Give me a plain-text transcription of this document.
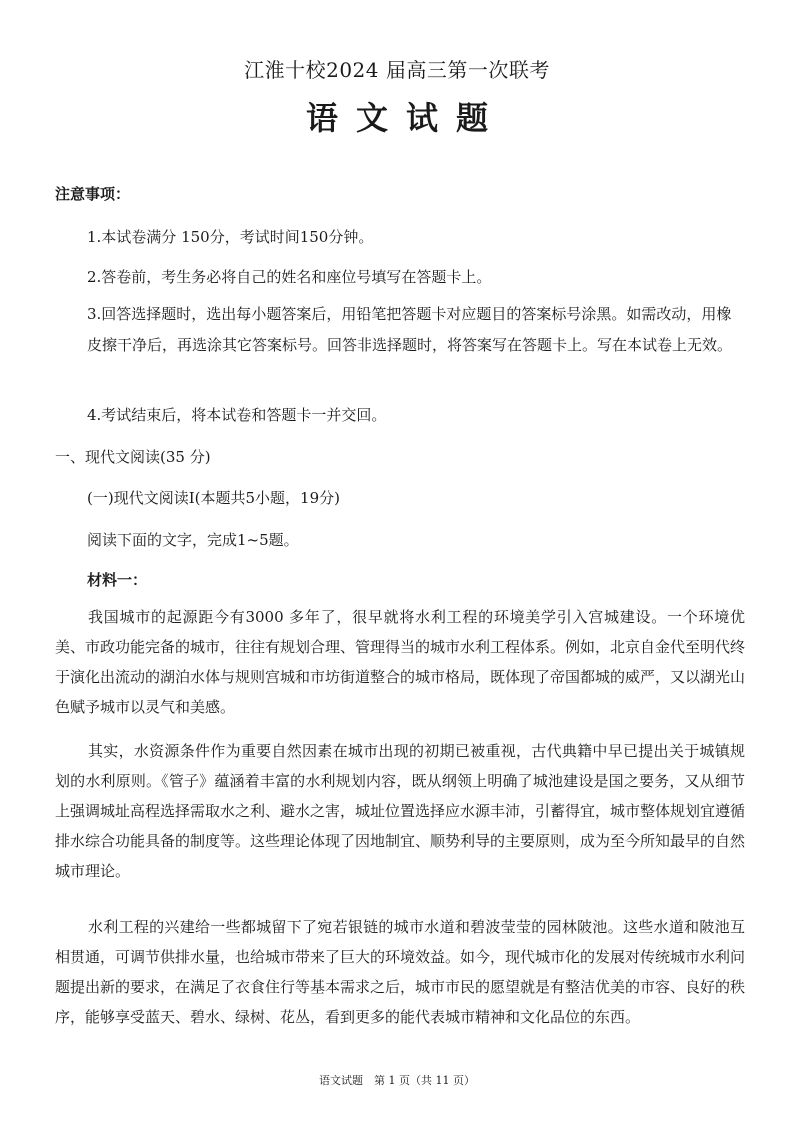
江淮十校2024 届高三第一次联考
语文试题
注意事项：
1.本试卷满分 150分，考试时间150分钟。
2.答卷前，考生务必将自己的姓名和座位号填写在答题卡上。
3.回答选择题时，选出每小题答案后，用铅笔把答题卡对应题目的答案标号涂黑。如需改动，用橡皮擦干净后，再选涂其它答案标号。回答非选择题时，将答案写在答题卡上。写在本试卷上无效。
4.考试结束后，将本试卷和答题卡一并交回。
一、现代文阅读(35 分)
(一)现代文阅读Ⅰ(本题共5小题，19分)
阅读下面的文字，完成1~5题。
材料一：
我国城市的起源距今有3000 多年了，很早就将水利工程的环境美学引入宫城建设。一个环境优美、市政功能完备的城市，往往有规划合理、管理得当的城市水利工程体系。例如，北京自金代至明代终于演化出流动的湖泊水体与规则宫城和市坊街道整合的城市格局，既体现了帝国都城的威严，又以湖光山色赋予城市以灵气和美感。
其实，水资源条件作为重要自然因素在城市出现的初期已被重视，古代典籍中早已提出关于城镇规划的水利原则。《管子》蕴涵着丰富的水利规划内容，既从纲领上明确了城池建设是国之要务，又从细节上强调城址高程选择需取水之利、避水之害，城址位置选择应水源丰沛，引蓄得宜，城市整体规划宜遵循排水综合功能具备的制度等。这些理论体现了因地制宜、顺势利导的主要原则，成为至今所知最早的自然城市理论。
水利工程的兴建给一些都城留下了宛若银链的城市水道和碧波莹莹的园林陂池。这些水道和陂池互相贯通，可调节供排水量，也给城市带来了巨大的环境效益。如今，现代城市化的发展对传统城市水利问题提出新的要求，在满足了衣食住行等基本需求之后，城市市民的愿望就是有整洁优美的市容、良好的秩序，能够享受蓝天、碧水、绿树、花丛，看到更多的能代表城市精神和文化品位的东西。
语文试题　第 1 页（共 11 页）
